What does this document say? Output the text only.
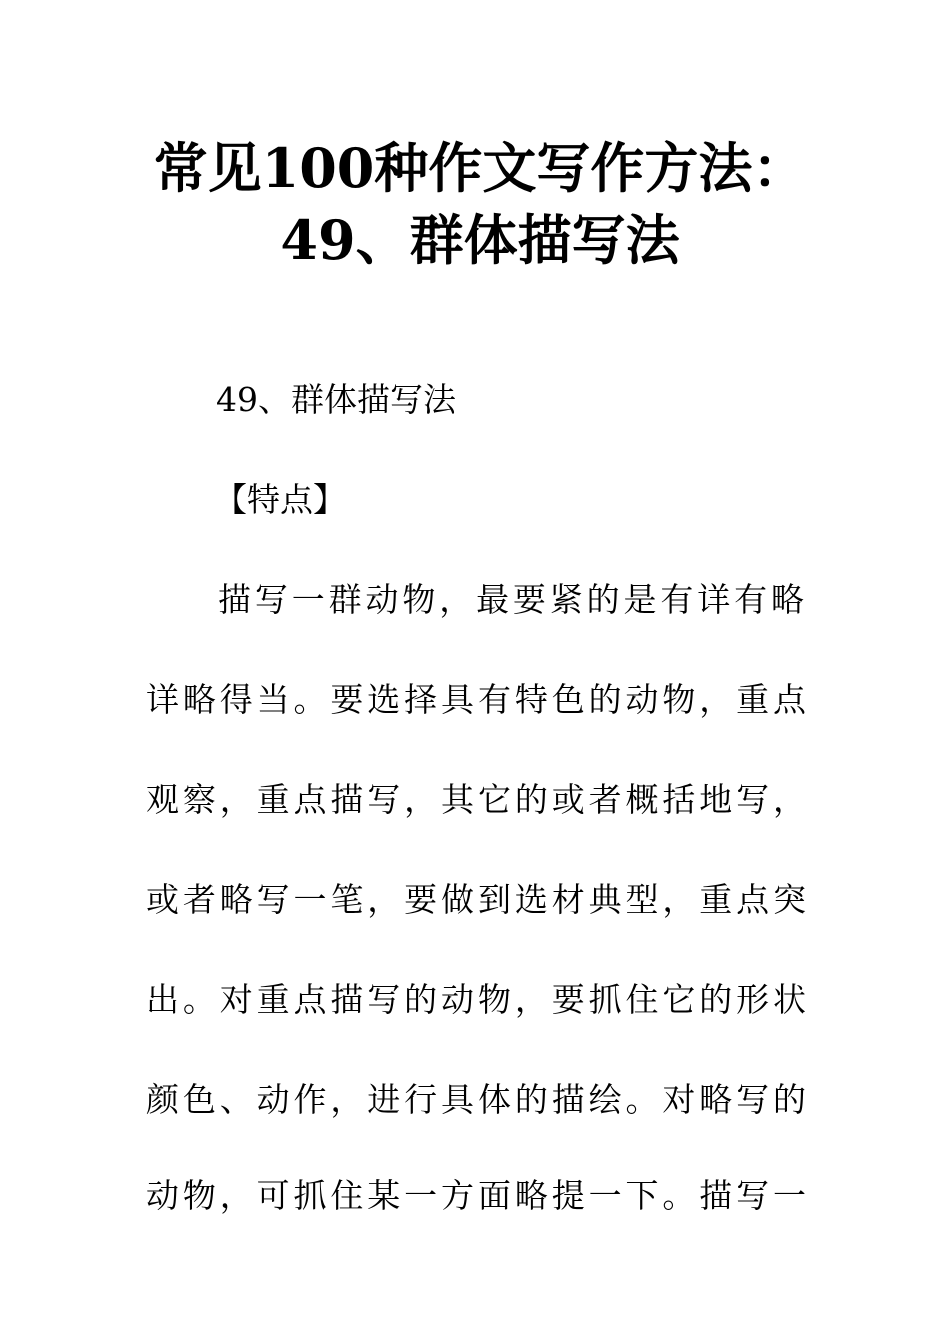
常见100种作文写作方法：
49、群体描写法

49、群体描写法

【特点】

描写一群动物，最要紧的是有详有略

详略得当。要选择具有特色的动物，重点

观察，重点描写，其它的或者概括地写，

或者略写一笔，要做到选材典型，重点突

出。对重点描写的动物，要抓住它的形状

颜色、动作，进行具体的描绘。对略写的

动物，可抓住某一方面略提一下。描写一
